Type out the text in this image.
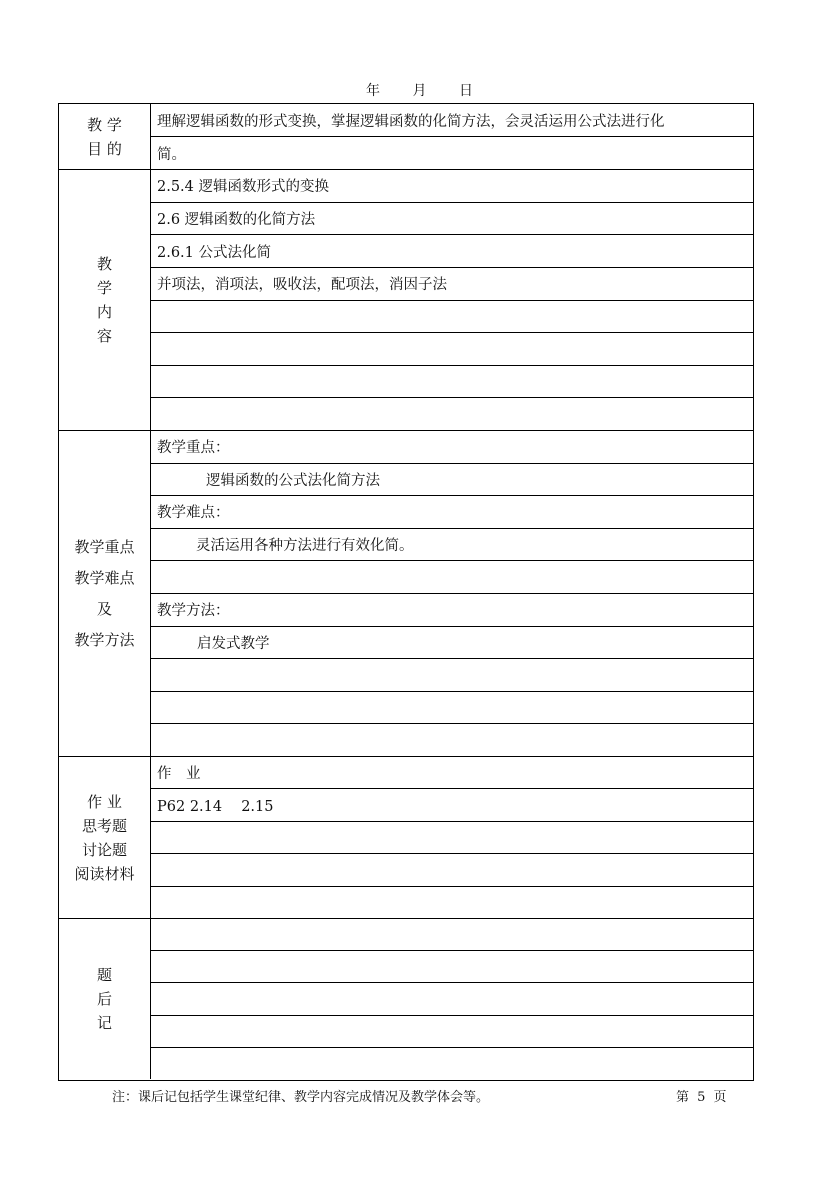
年 月 日
教 学
目 的
理解逻辑函数的形式变换，掌握逻辑函数的化简方法，会灵活运用公式法进行化
简。
教
学
内
容
2.5.4 逻辑函数形式的变换
2.6 逻辑函数的化简方法
2.6.1 公式法化简
并项法，消项法，吸收法，配项法，消因子法
教学重点
教学难点
及
教学方法
教学重点：
逻辑函数的公式法化简方法
教学难点：
灵活运用各种方法进行有效化简。
教学方法：
启发式教学
作 业
思考题
讨论题
阅读材料
作　业
P62 2.14　 2.15
题
后
记
注：课后记包括学生课堂纪律、教学内容完成情况及教学体会等。	第 5 页
